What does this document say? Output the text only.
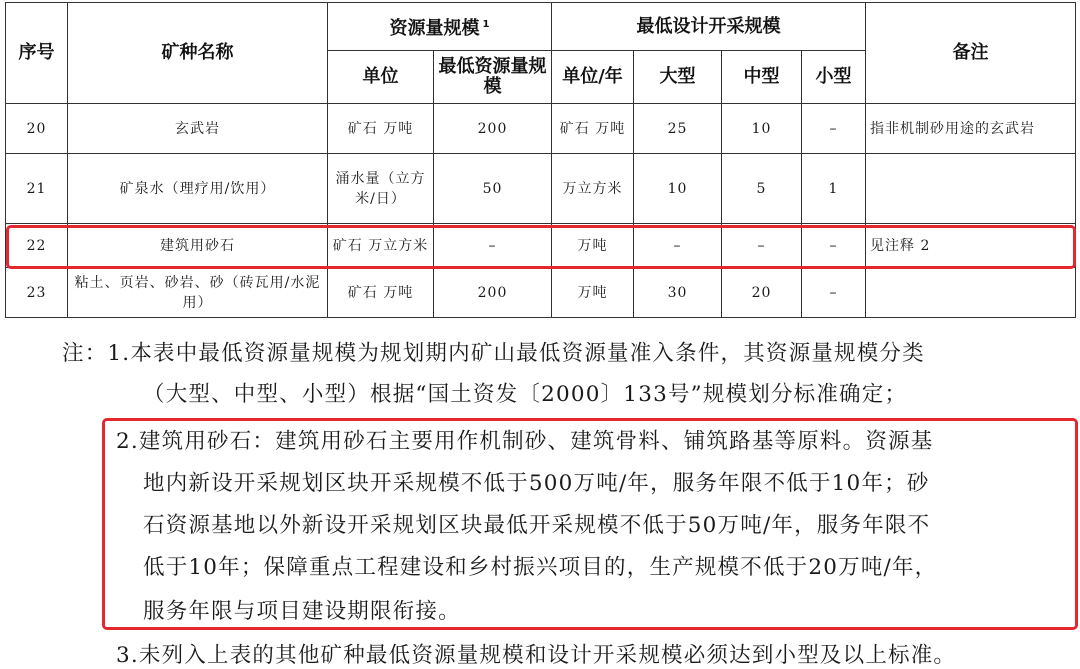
序号	矿种名称	资源量规模 $^1$		最低设计开采规模				备注
		单位	最低资源量规模	单位/年	大型	中型	小型	
20	玄武岩	矿石 万吨	200	矿石 万吨	25	10	–	指非机制砂用途的玄武岩
21	矿泉水（理疗用/饮用）	涌水量（立方米/日）	50	万立方米	10	5	1	
22	建筑用砂石	矿石 万立方米	–	万吨	–	–	–	见注释 2
23	粘土、页岩、砂岩、砂（砖瓦用/水泥用）	矿石 万吨	200	万吨	30	20	–	
注：1.本表中最低资源量规模为规划期内矿山最低资源量准入条件，其资源量规模分类
（大型、中型、小型）根据“国土资发〔2000〕133号”规模划分标准确定；
2.建筑用砂石：建筑用砂石主要用作机制砂、建筑骨料、铺筑路基等原料。资源基
地内新设开采规划区块开采规模不低于500万吨/年，服务年限不低于10年；砂
石资源基地以外新设开采规划区块最低开采规模不低于50万吨/年，服务年限不
低于10年；保障重点工程建设和乡村振兴项目的，生产规模不低于20万吨/年，
服务年限与项目建设期限衔接。
3.未列入上表的其他矿种最低资源量规模和设计开采规模必须达到小型及以上标准。
